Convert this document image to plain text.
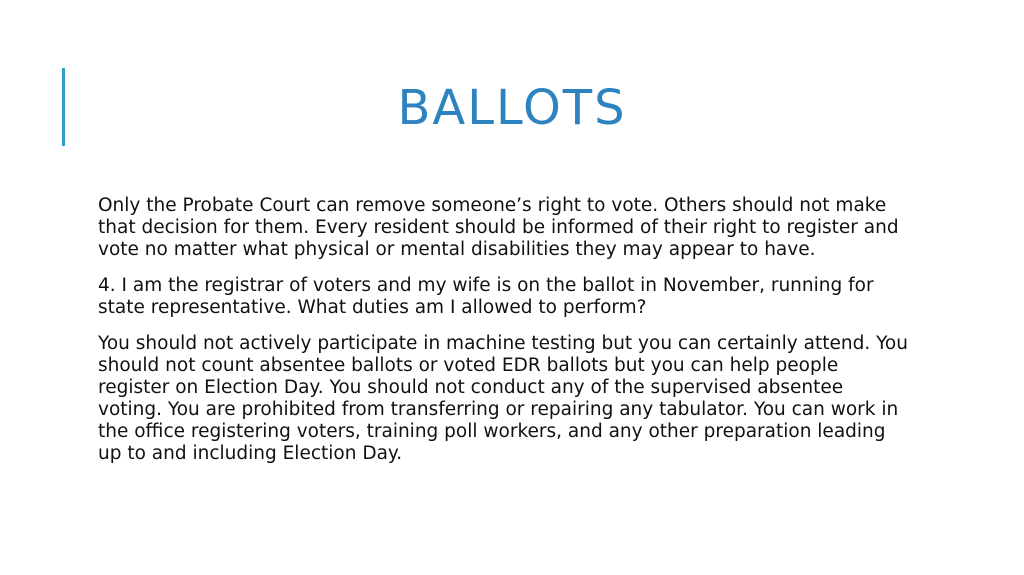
BALLOTS

Only the Probate Court can remove someone’s right to vote. Others should not make that decision for them. Every resident should be informed of their right to register and vote no matter what physical or mental disabilities they may appear to have.

4. I am the registrar of voters and my wife is on the ballot in November, running for state representative. What duties am I allowed to perform?

You should not actively participate in machine testing but you can certainly attend. You should not count absentee ballots or voted EDR ballots but you can help people register on Election Day. You should not conduct any of the supervised absentee voting. You are prohibited from transferring or repairing any tabulator. You can work in the office registering voters, training poll workers, and any other preparation leading up to and including Election Day.
